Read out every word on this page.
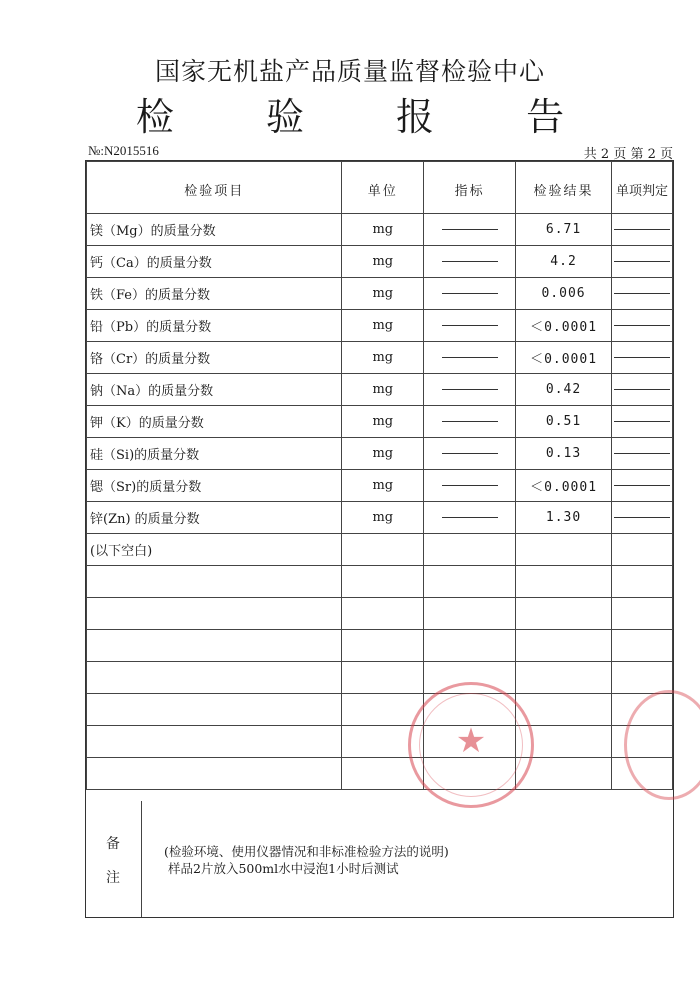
国家无机盐产品质量监督检验中心
检 验 报 告
№:N2015516	共 2 页 第 2 页
检验项目	单位	指标	检验结果	单项判定
镁（Mg）的质量分数	mg		6.71	
钙（Ca）的质量分数	mg		4.2	
铁（Fe）的质量分数	mg		0.006	
铅（Pb）的质量分数	mg		＜0.0001	
铬（Cr）的质量分数	mg		＜0.0001	
钠（Na）的质量分数	mg		0.42	
钾（K）的质量分数	mg		0.51	
硅（Si)的质量分数	mg		0.13	
锶（Sr)的质量分数	mg		＜0.0001	
锌(Zn) 的质量分数	mg		1.30	
(以下空白)				

备
注
(检验环境、使用仪器情况和非标准检验方法的说明)
样品2片放入500ml水中浸泡1小时后测试
★
